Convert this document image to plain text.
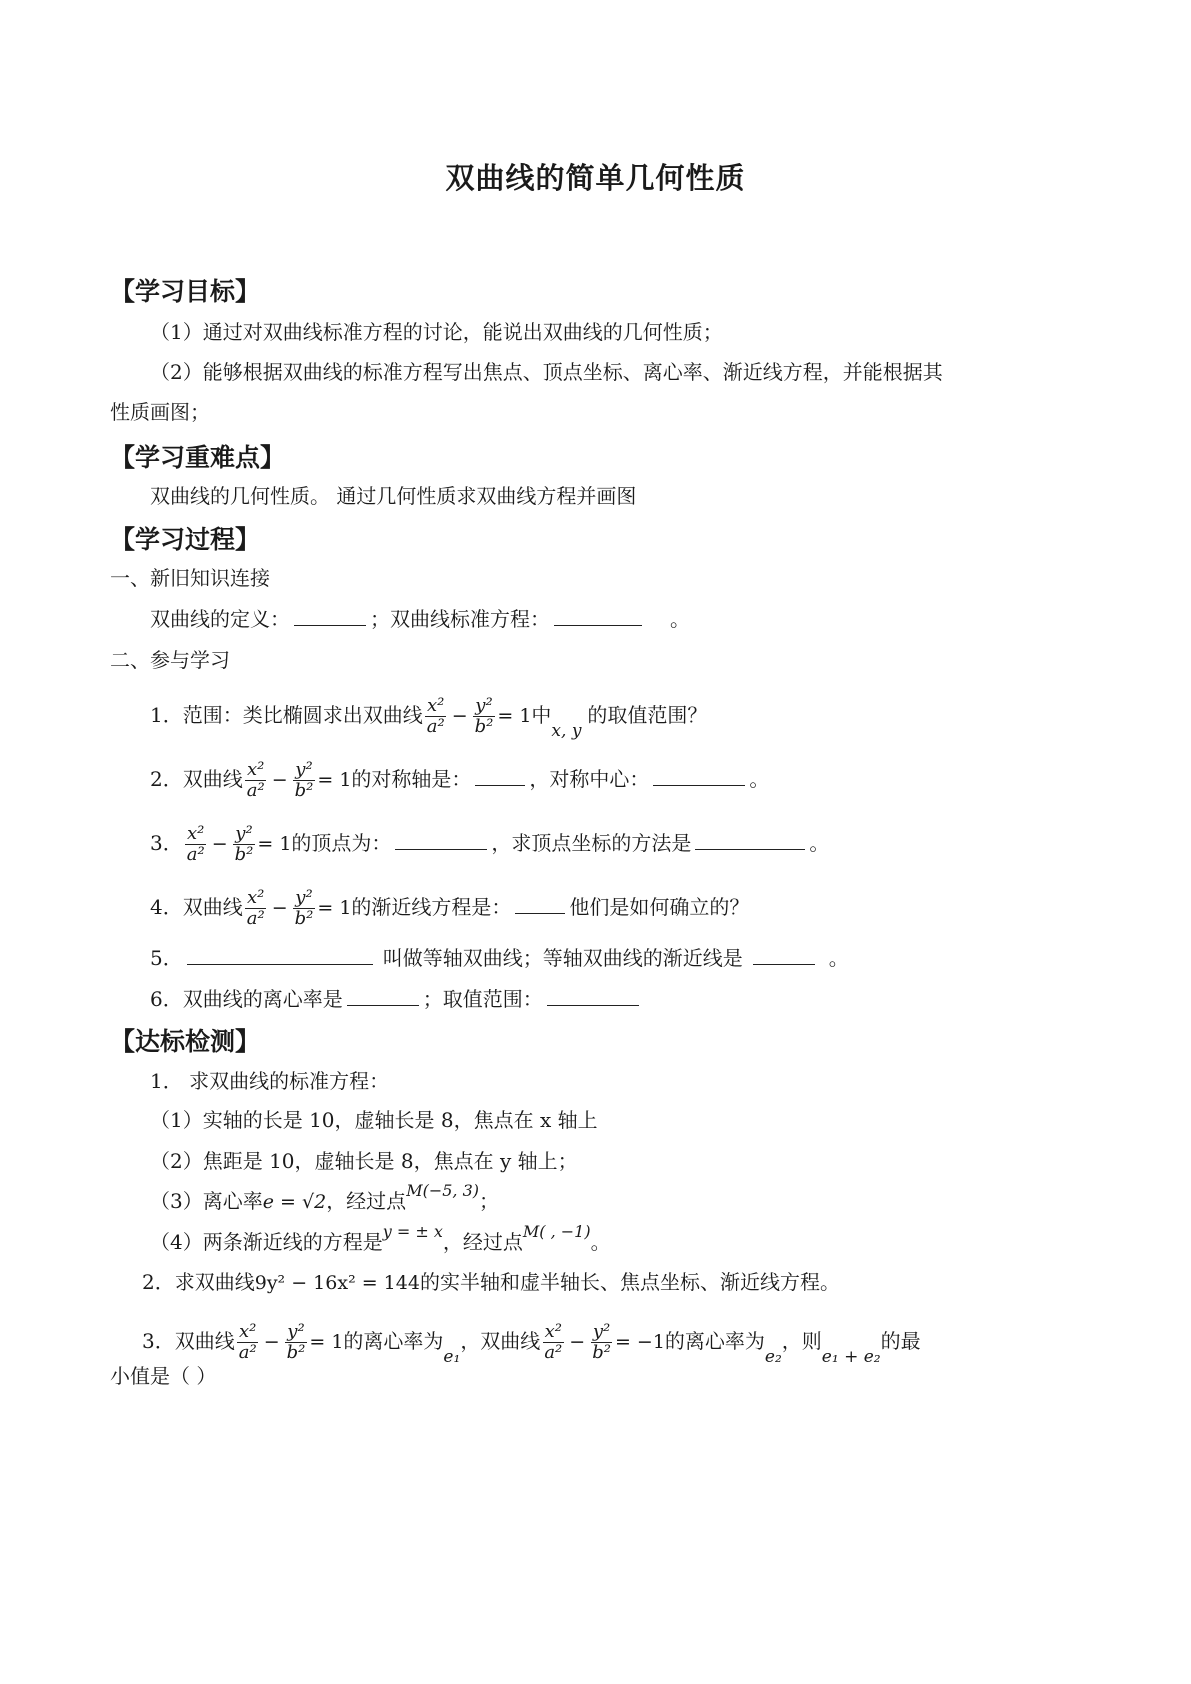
双曲线的简单几何性质
【学习目标】
（1）通过对双曲线标准方程的讨论，能说出双曲线的几何性质；
（2）能够根据双曲线的标准方程写出焦点、顶点坐标、离心率、渐近线方程，并能根据其
性质画图；
【学习重难点】
双曲线的几何性质。 通过几何性质求双曲线方程并画图
【学习过程】
一、新旧知识连接
双曲线的定义：	；双曲线标准方程：	。
二、参与学习
1．范围：类比椭圆求出双曲线 $\frac{\text{x²}}{\text{a²}} - \frac{\text{y²}}{\text{b²}} = 1$中$_{x, y}$的取值范围？
2．双曲线 $\frac{\text{x²}}{\text{a²}} - \frac{\text{y²}}{\text{b²}} = 1$的对称轴是：	，对称中心：	。
3． $\frac{\text{x²}}{\text{a²}} - \frac{\text{y²}}{\text{b²}} = 1$的顶点为：	，求顶点坐标的方法是	。
4．双曲线 $\frac{\text{x²}}{\text{a²}} - \frac{\text{y²}}{\text{b²}} = 1$的渐近线方程是：	他们是如何确立的？
5．	叫做等轴双曲线；等轴双曲线的渐近线是	。
6．双曲线的离心率是	；取值范围：
【达标检测】
1． 求双曲线的标准方程：
（1）实轴的长是 10，虚轴长是 8，焦点在 x 轴上
（2）焦距是 10，虚轴长是 8，焦点在 y 轴上；
（3）离心率e = √2，经过点$^{M(-5, 3)}$；
（4）两条渐近线的方程是$^{y = \pm x}$，经过点$^{M( , -1)}$。
2．求双曲线9y² − 16x² = 144的实半轴和虚半轴长、焦点坐标、渐近线方程。
3．双曲线 $\frac{\text{x²}}{\text{a²}} - \frac{\text{y²}}{\text{b²}} = 1$的离心率为$_{e_1}$，双曲线 $\frac{\text{x²}}{\text{a²}} - \frac{\text{y²}}{\text{b²}} = -1$的离心率为$_{e_2}$，则$_{e_1 + e_2}$的最
小值是（ ）
